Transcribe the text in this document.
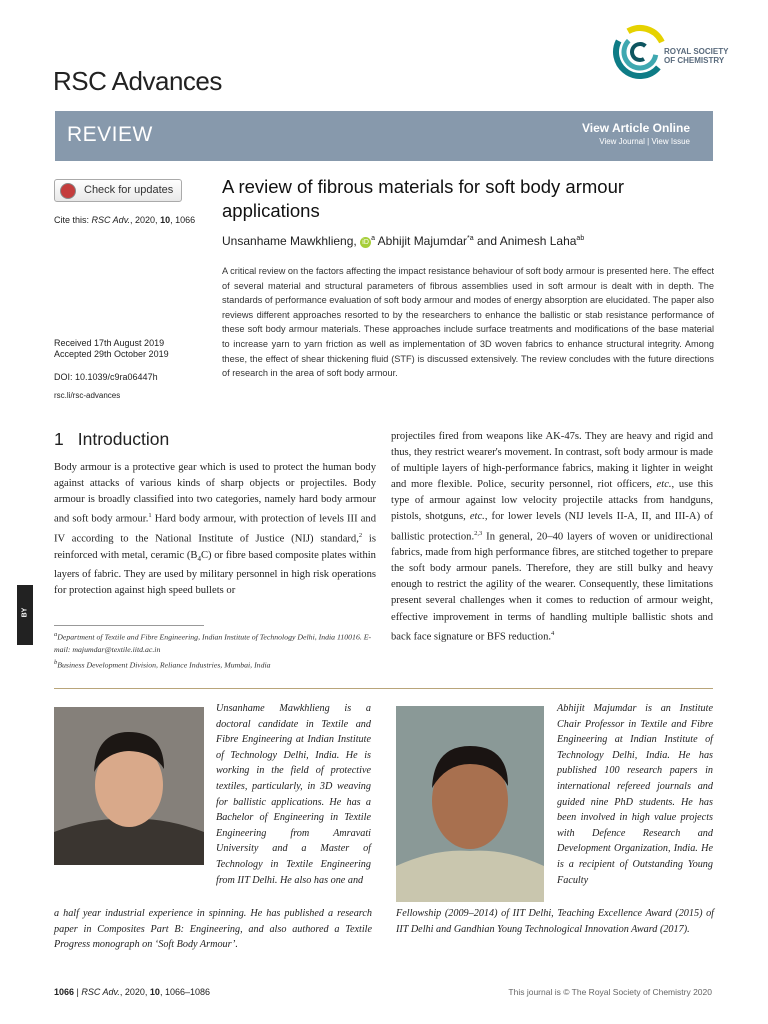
RSC Advances
ROYAL SOCIETY
OF CHEMISTRY
REVIEW	View Article Online
View Journal | View Issue
Check for updates
Cite this: RSC Adv., 2020, 10, 1066
Received 17th August 2019
Accepted 29th October 2019
DOI: 10.1039/c9ra06447h
rsc.li/rsc-advances
A review of fibrous materials for soft body armour applications
Unsanhame Mawkhlieng, $iD^a$ Abhijit Majumdar$^{*a}$ and Animesh Laha$^{ab}$
A critical review on the factors affecting the impact resistance behaviour of soft body armour is presented here. The effect of several material and structural parameters of fibrous assemblies used in soft armour is dealt with in depth. The standards of performance evaluation of soft body armour and modes of energy absorption are elucidated. The paper also reviews different approaches resorted to by the researchers to enhance the ballistic or stab resistance performance of these soft body armour materials. These approaches include surface treatments and modifications of the base material to increase yarn to yarn friction as well as implementation of 3D woven fabrics to enhance structural integrity. Among these, the effect of shear thickening fluid (STF) is discussed extensively. The review concludes with the future directions of research in the area of soft body armour.
1 Introduction
Body armour is a protective gear which is used to protect the human body against attacks of various kinds of sharp objects or projectiles. Body armour is broadly classified into two categories, namely hard body armour and soft body armour.$^1$ Hard body armour, with protection of levels III and IV according to the National Institute of Justice (NIJ) standard,$^2$ is reinforced with metal, ceramic $(B_4C)$ or fibre based composite plates within layers of fabric. They are used by military personnel in high risk operations for protection against high speed bullets or
projectiles fired from weapons like AK-47s. They are heavy and rigid and thus, they restrict wearer's movement. In contrast, soft body armour is made of multiple layers of high-performance fabrics, making it lighter in weight and more flexible. Police, security personnel, riot officers, etc., use this type of armour against low velocity projectile attacks from handguns, pistols, shotguns, etc., for lower levels (NIJ levels II-A, II, and III-A) of ballistic protection.$^{2,3}$ In general, 20–40 layers of woven or unidirectional fabrics, made from high performance fibres, are stitched together to prepare the soft body armour panels. Therefore, they are still bulky and heavy enough to restrict the agility of the wearer. Consequently, these limitations present several challenges when it comes to reduction of armour weight, effective improvement in terms of handling multiple ballistic shots and back face signature or BFS reduction.$^4$
BY
$^a$Department of Textile and Fibre Engineering, Indian Institute of Technology Delhi, India 110016. E-mail: majumdar@textile.iitd.ac.in
$^b$Business Development Division, Reliance Industries, Mumbai, India
Unsanhame Mawkhlieng is a doctoral candidate in Textile and Fibre Engineering at Indian Institute of Technology Delhi, India. He is working in the field of protective textiles, particularly, in 3D weaving for ballistic applications. He has a Bachelor of Engineering in Textile Engineering from Amravati University and a Master of Technology in Textile Engineering from IIT Delhi. He also has one and
a half year industrial experience in spinning. He has published a research paper in Composites Part B: Engineering, and also authored a Textile Progress monograph on ‘Soft Body Armour’.
Abhijit Majumdar is an Institute Chair Professor in Textile and Fibre Engineering at Indian Institute of Technology Delhi, India. He has published 100 research papers in international refereed journals and guided nine PhD students. He has been involved in high value projects with Defence Research and Development Organization, India. He is a recipient of Outstanding Young Faculty
Fellowship (2009–2014) of IIT Delhi, Teaching Excellence Award (2015) of IIT Delhi and Gandhian Young Technological Innovation Award (2017).
1066 | RSC Adv., 2020, 10, 1066–1086	This journal is © The Royal Society of Chemistry 2020
